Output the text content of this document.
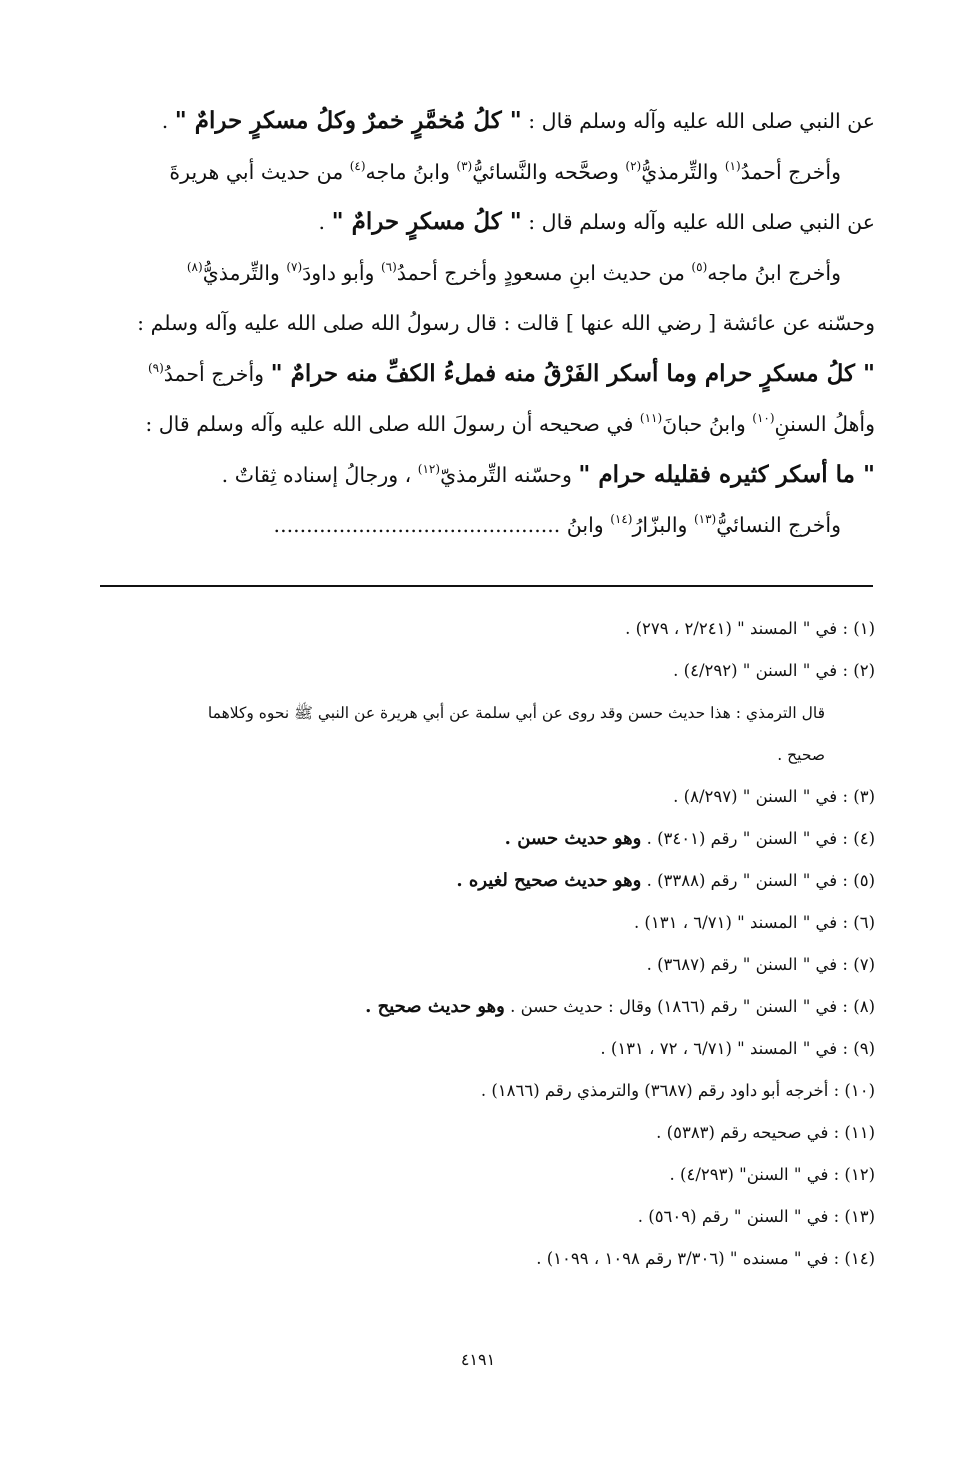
عن النبي صلى الله عليه وآله وسلم قال : " كلُ مُخمَّرٍ خمرٌ وكلُ مسكرٍ حرامٌ " .
وأخرج أحمدُ$^{(١)}$ والتِّرمذيُّ$^{(٢)}$ وصحَّحه والنَّسائيُّ$^{(٣)}$ وابنُ ماجه$^{(٤)}$ من حديث أبي هريرةَ
عن النبي صلى الله عليه وآله وسلم قال : " كلُ مسكرٍ حرامٌ " .
وأخرج ابنُ ماجه$^{(٥)}$ من حديث ابنِ مسعودٍ وأخرج أحمدُ$^{(٦)}$ وأبو داودَ$^{(٧)}$ والتِّرمذيُّ$^{(٨)}$
وحسّنه عن عائشة [ رضي الله عنها ] قالت : قال رسولُ الله صلى الله عليه وآله وسلم :
" كلُ مسكرٍ حرام وما أسكر الفَرْقُ منه فملءُ الكفِّ منه حرامٌ " وأخرج أحمدُ$^{(٩)}$
وأهلُ السننِ$^{(١٠)}$ وابنُ حبانَ$^{(١١)}$ في صحيحه أن رسولَ الله صلى الله عليه وآله وسلم قال :
" ما أسكر كثيره فقليله حرام " وحسّنه التِّرمذيّ$^{(١٢)}$ ، ورجالُ إسناده ثِقاتٌ .
وأخرج النسائيُّ$^{(١٣)}$ والبزّارُ$^{(١٤)}$ وابنُ ............................................
(١) : في " المسند " (٢/٢٤١ ، ٢٧٩) .
(٢) : في " السنن " (٤/٢٩٢) .
قال الترمذي : هذا حديث حسن وقد روى عن أبي سلمة عن أبي هريرة عن النبي ﷺ نحوه وكلاهما
صحيح .
(٣) : في " السنن " (٨/٢٩٧) .
(٤) : في " السنن " رقم (٣٤٠١) . وهو حديث حسن .
(٥) : في " السنن " رقم (٣٣٨٨) . وهو حديث صحيح لغيره .
(٦) : في " المسند " (٦/٧١ ، ١٣١) .
(٧) : في " السنن " رقم (٣٦٨٧) .
(٨) : في " السنن " رقم (١٨٦٦) وقال : حديث حسن . وهو حديث صحيح .
(٩) : في " المسند " (٦/٧١ ، ٧٢ ، ١٣١) .
(١٠) : أخرجه أبو داود رقم (٣٦٨٧) والترمذي رقم (١٨٦٦) .
(١١) : في صحيحه رقم (٥٣٨٣) .
(١٢) : في " السنن" (٤/٢٩٣) .
(١٣) : في " السنن " رقم (٥٦٠٩) .
(١٤) : في " مسنده " (٣/٣٠٦ رقم ١٠٩٨ ، ١٠٩٩) .
٤١٩١
